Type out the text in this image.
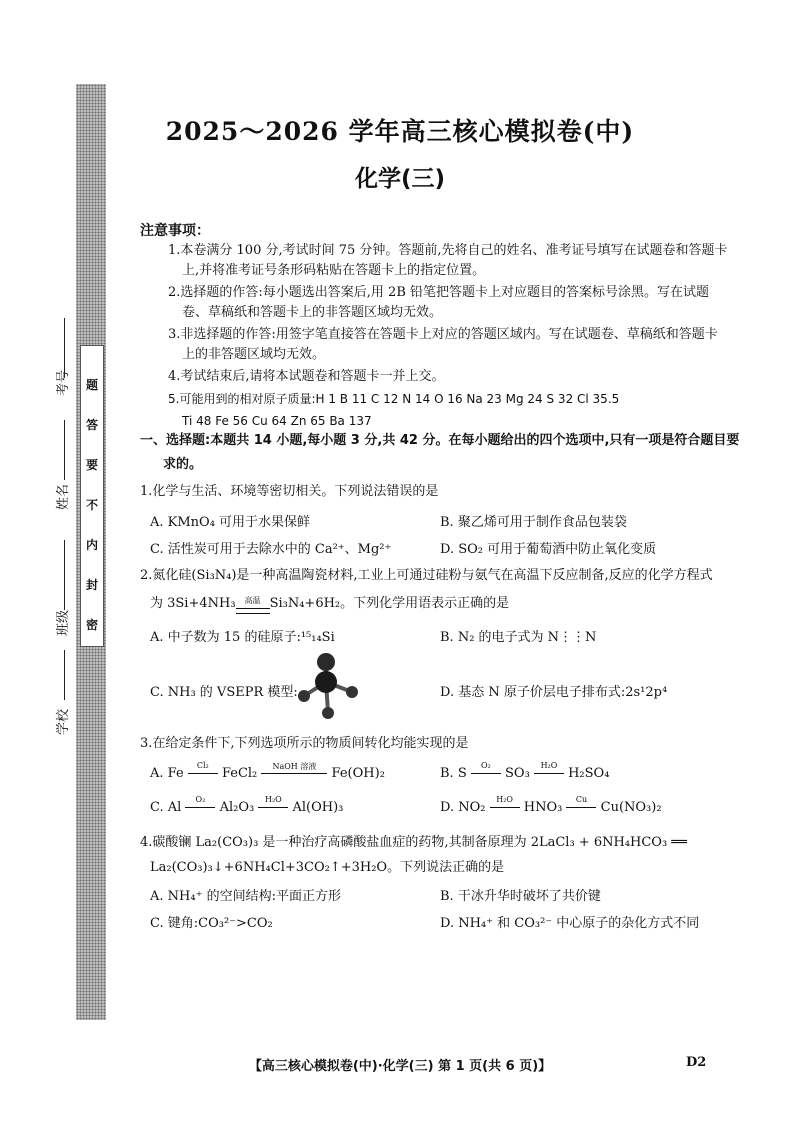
题
答
要
不
内
封
密
考号
姓名
班级
学校
2025～2026 学年高三核心模拟卷(中)
化学(三)
注意事项：
1.本卷满分 100 分,考试时间 75 分钟。答题前,先将自己的姓名、准考证号填写在试题卷和答题卡
上,并将准考证号条形码粘贴在答题卡上的指定位置。
2.选择题的作答:每小题选出答案后,用 2B 铅笔把答题卡上对应题目的答案标号涂黑。写在试题
卷、草稿纸和答题卡上的非答题区域均无效。
3.非选择题的作答:用签字笔直接答在答题卡上对应的答题区域内。写在试题卷、草稿纸和答题卡
上的非答题区域均无效。
4.考试结束后,请将本试题卷和答题卡一并上交。
5.可能用到的相对原子质量:H 1 B 11 C 12 N 14 O 16 Na 23 Mg 24 S 32 Cl 35.5
Ti 48 Fe 56 Cu 64 Zn 65 Ba 137
一、选择题:本题共 14 小题,每小题 3 分,共 42 分。在每小题给出的四个选项中,只有一项是符合题目要
求的。
1.化学与生活、环境等密切相关。下列说法错误的是
A. KMnO₄ 可用于水果保鲜	B. 聚乙烯可用于制作食品包装袋
C. 活性炭可用于去除水中的 Ca²⁺、Mg²⁺	D. SO₂ 可用于葡萄酒中防止氧化变质
2.氮化硅(Si₃N₄)是一种高温陶瓷材料,工业上可通过硅粉与氨气在高温下反应制备,反应的化学方程式
为 3Si+4NH₃	高温 Si₃N₄+6H₂。下列化学用语表示正确的是
A. 中子数为 15 的硅原子:¹⁵₁₄Si	B. N₂ 的电子式为 N⋮⋮N
C. NH₃ 的 VSEPR 模型:	D. 基态 N 原子价层电子排布式:2s¹2p⁴
3.在给定条件下,下列选项所示的物质间转化均能实现的是
A. Fe
Cl₂
FeCl₂	NaOH 溶液	Fe(OH)₂	B. S
O₂
SO₃
H₂O
H₂SO₄
C. Al
O₂
Al₂O₃
H₂O
Al(OH)₃	D. NO₂
H₂O
HNO₃
Cu
Cu(NO₃)₂
4.碳酸镧 La₂(CO₃)₃ 是一种治疗高磷酸盐血症的药物,其制备原理为 2LaCl₃ + 6NH₄HCO₃ ══
La₂(CO₃)₃↓+6NH₄Cl+3CO₂↑+3H₂O。下列说法正确的是
A. NH₄⁺ 的空间结构:平面正方形	B. 干冰升华时破坏了共价键
C. 键角:CO₃²⁻>CO₂	D. NH₄⁺ 和 CO₃²⁻ 中心原子的杂化方式不同
【高三核心模拟卷(中)·化学(三) 第 1 页(共 6 页)】	D2
